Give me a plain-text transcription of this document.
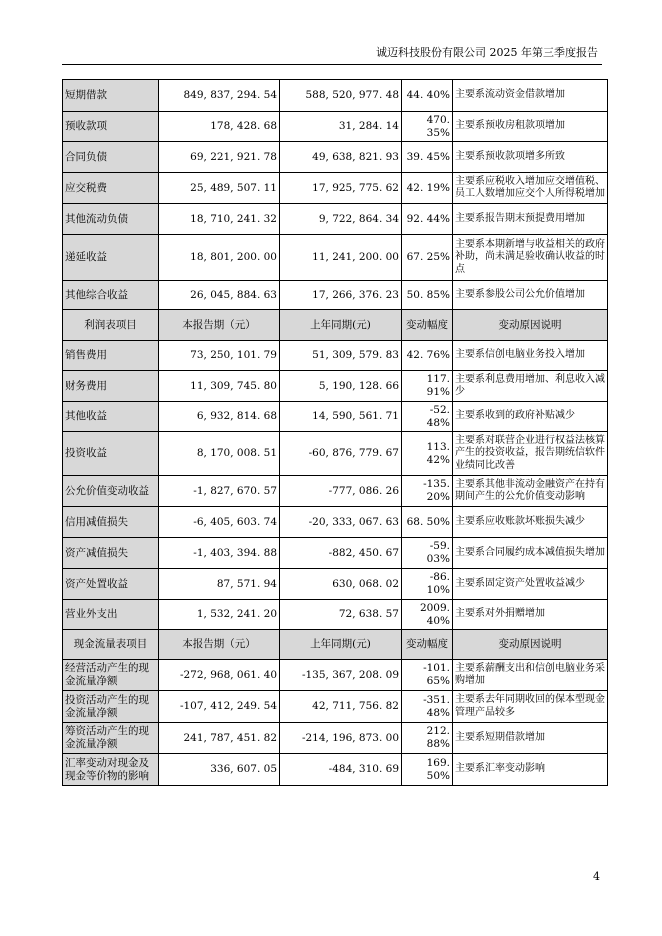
诚迈科技股份有限公司 2025 年第三季度报告
短期借款	849, 837, 294. 54	588, 520, 977. 48	44. 40%	主要系流动资金借款增加
预收款项	178, 428. 68	31, 284. 14	470. 35%	主要系预收房租款项增加
合同负债	69, 221, 921. 78	49, 638, 821. 93	39. 45%	主要系预收款项增多所致
应交税费	25, 489, 507. 11	17, 925, 775. 62	42. 19%	主要系应税收入增加应交增值税、员工人数增加应交个人所得税增加
其他流动负债	18, 710, 241. 32	9, 722, 864. 34	92. 44%	主要系报告期末预提费用增加
递延收益	18, 801, 200. 00	11, 241, 200. 00	67. 25%	主要系本期新增与收益相关的政府补助，尚未满足验收确认收益的时点
其他综合收益	26, 045, 884. 63	17, 266, 376. 23	50. 85%	主要系参股公司公允价值增加
利润表项目	本报告期（元）	上年同期(元)	变动幅度	变动原因说明
销售费用	73, 250, 101. 79	51, 309, 579. 83	42. 76%	主要系信创电脑业务投入增加
财务费用	11, 309, 745. 80	5, 190, 128. 66	117. 91%	主要系利息费用增加、利息收入减少
其他收益	6, 932, 814. 68	14, 590, 561. 71	-52. 48%	主要系收到的政府补贴减少
投资收益	8, 170, 008. 51	-60, 876, 779. 67	113. 42%	主要系对联营企业进行权益法核算产生的投资收益，报告期统信软件业绩同比改善
公允价值变动收益	-1, 827, 670. 57	-777, 086. 26	-135. 20%	主要系其他非流动金融资产在持有期间产生的公允价值变动影响
信用减值损失	-6, 405, 603. 74	-20, 333, 067. 63	68. 50%	主要系应收账款坏账损失减少
资产减值损失	-1, 403, 394. 88	-882, 450. 67	-59. 03%	主要系合同履约成本减值损失增加
资产处置收益	87, 571. 94	630, 068. 02	-86. 10%	主要系固定资产处置收益减少
营业外支出	1, 532, 241. 20	72, 638. 57	2009. 40%	主要系对外捐赠增加
现金流量表项目	本报告期（元）	上年同期(元)	变动幅度	变动原因说明
经营活动产生的现金流量净额	-272, 968, 061. 40	-135, 367, 208. 09	-101. 65%	主要系薪酬支出和信创电脑业务采购增加
投资活动产生的现金流量净额	-107, 412, 249. 54	42, 711, 756. 82	-351. 48%	主要系去年同期收回的保本型现金管理产品较多
筹资活动产生的现金流量净额	241, 787, 451. 82	-214, 196, 873. 00	212. 88%	主要系短期借款增加
汇率变动对现金及现金等价物的影响	336, 607. 05	-484, 310. 69	169. 50%	主要系汇率变动影响
4
